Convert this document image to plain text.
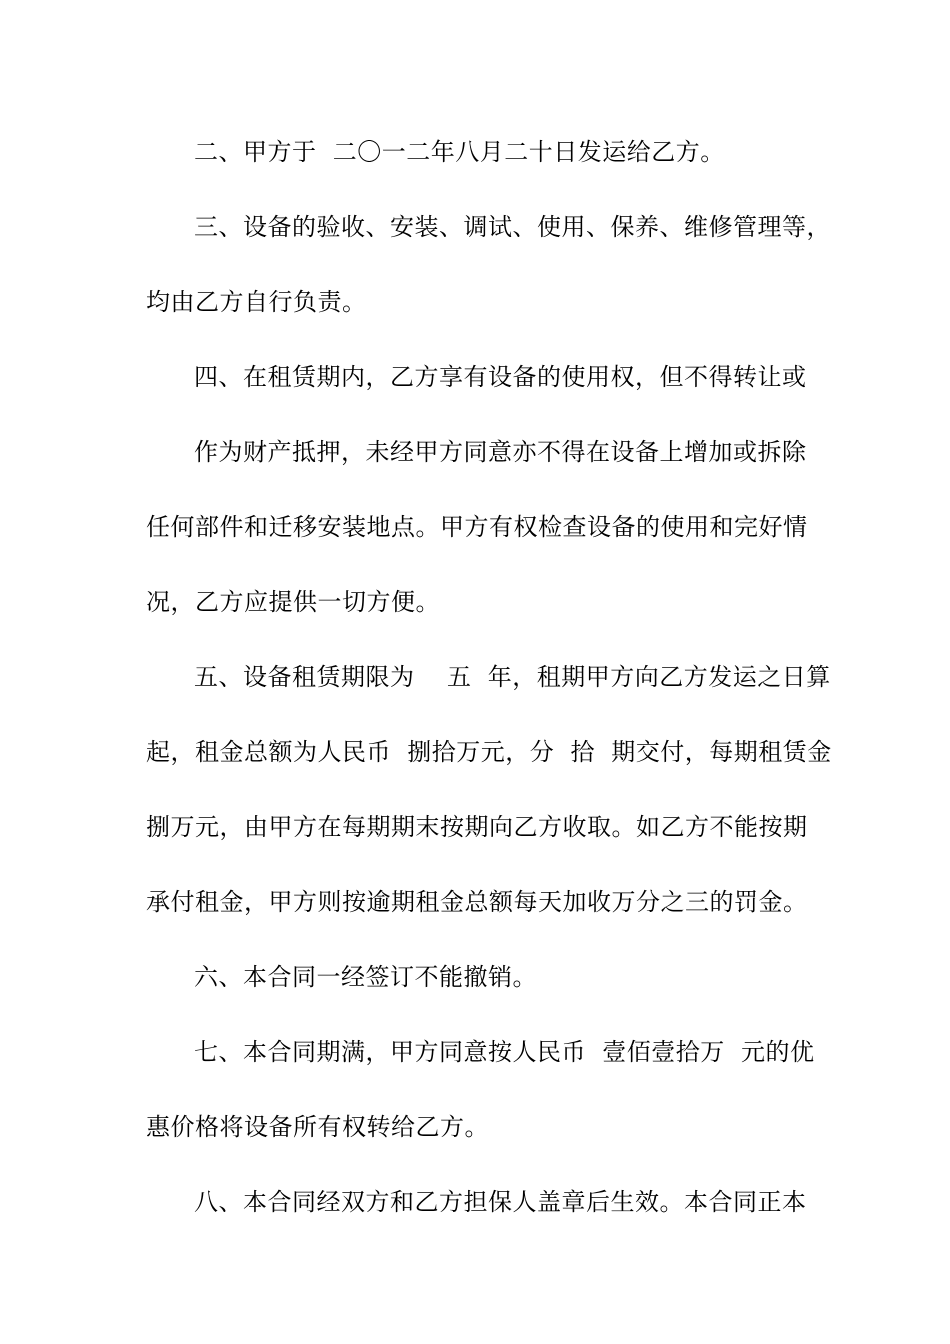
二、甲方于  二〇一二年八月二十日发运给乙方。
三、设备的验收、安装、调试、使用、保养、维修管理等，
均由乙方自行负责。
四、在租赁期内，乙方享有设备的使用权，但不得转让或
作为财产抵押，未经甲方同意亦不得在设备上增加或拆除
任何部件和迁移安装地点。甲方有权检查设备的使用和完好情
况，乙方应提供一切方便。
五、设备租赁期限为    五  年，租期甲方向乙方发运之日算
起，租金总额为人民币  捌拾万元，分  拾  期交付，每期租赁金
捌万元，由甲方在每期期末按期向乙方收取。如乙方不能按期
承付租金，甲方则按逾期租金总额每天加收万分之三的罚金。
六、本合同一经签订不能撤销。
七、本合同期满，甲方同意按人民币  壹佰壹拾万  元的优
惠价格将设备所有权转给乙方。
八、本合同经双方和乙方担保人盖章后生效。本合同正本
